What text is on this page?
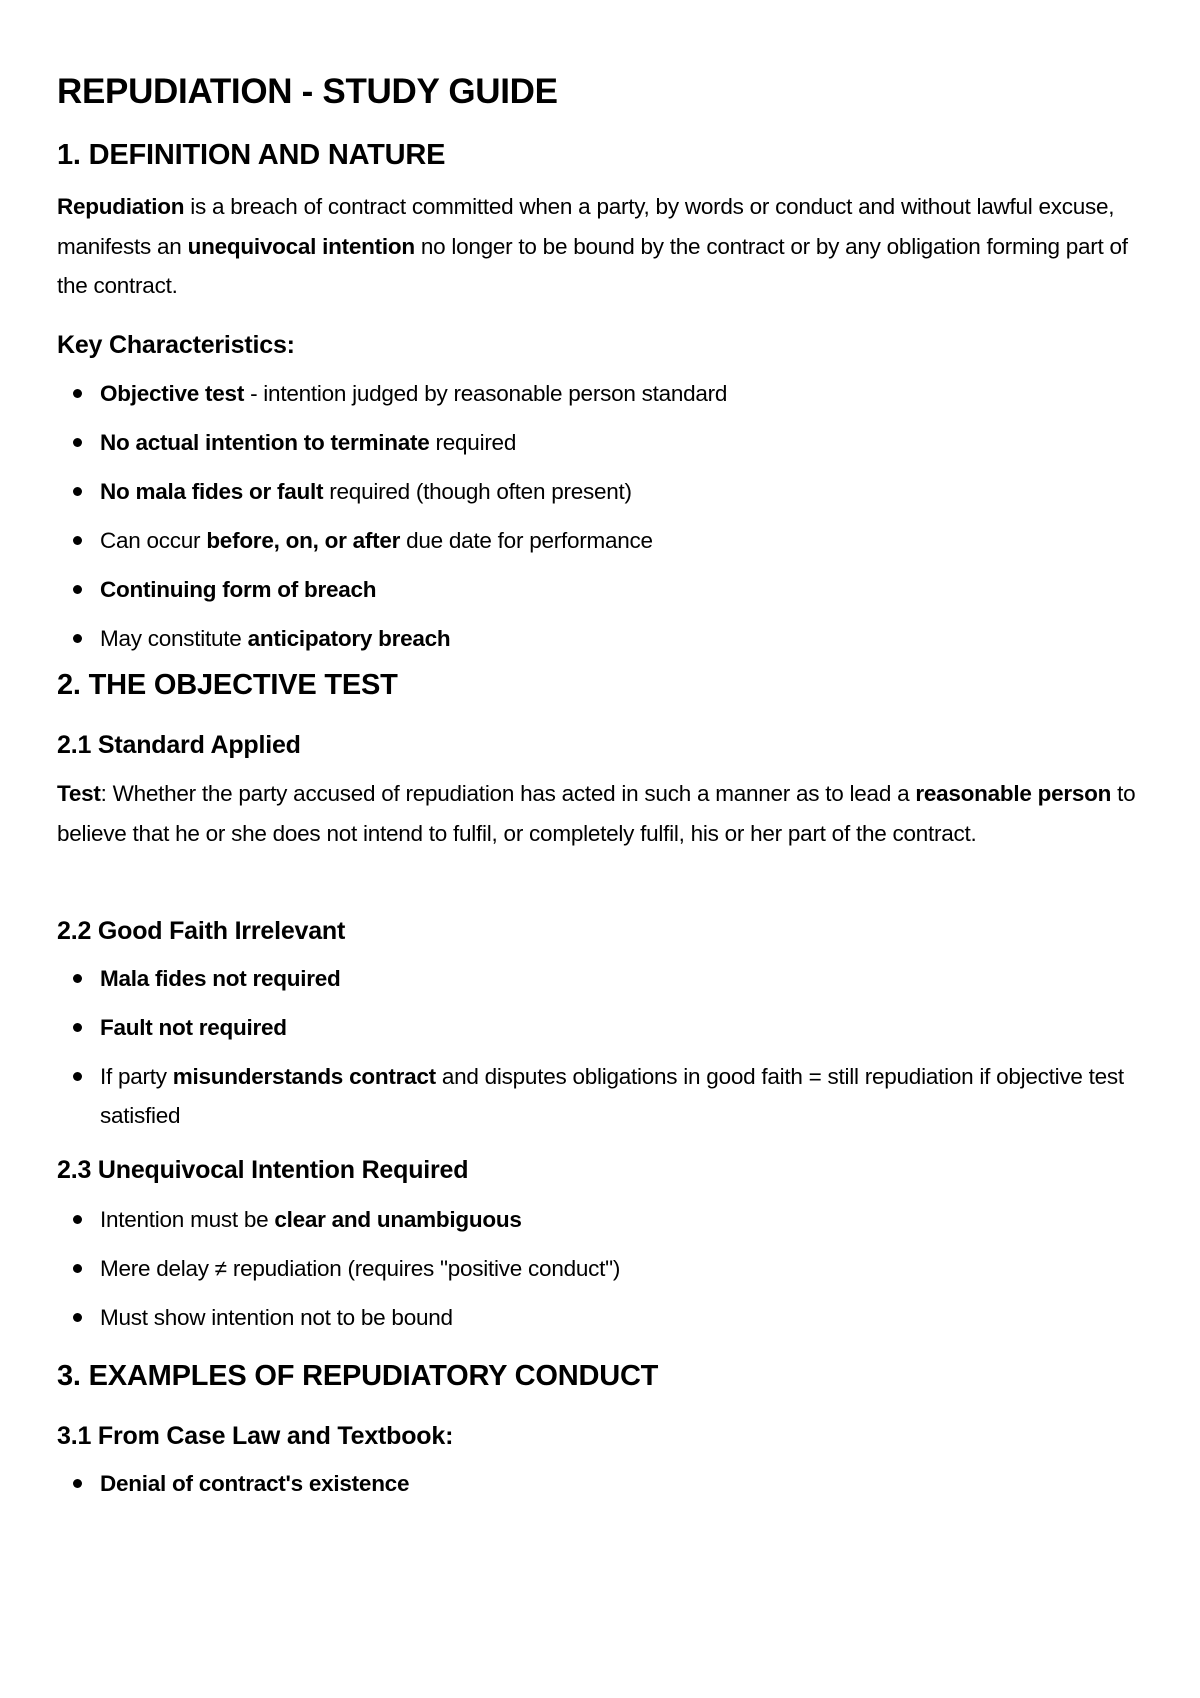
REPUDIATION - STUDY GUIDE
1. DEFINITION AND NATURE

Repudiation is a breach of contract committed when a party, by words or conduct and without lawful excuse, manifests an unequivocal intention no longer to be bound by the contract or by any obligation forming part of the contract.

Key Characteristics:
Objective test - intention judged by reasonable person standard
No actual intention to terminate required
No mala fides or fault required (though often present)
Can occur before, on, or after due date for performance
Continuing form of breach
May constitute anticipatory breach
2. THE OBJECTIVE TEST
2.1 Standard Applied

Test: Whether the party accused of repudiation has acted in such a manner as to lead a reasonable person to believe that he or she does not intend to fulfil, or completely fulfil, his or her part of the contract.

2.2 Good Faith Irrelevant
Mala fides not required
Fault not required
If party misunderstands contract and disputes obligations in good faith = still repudiation if objective test satisfied
2.3 Unequivocal Intention Required
Intention must be clear and unambiguous
Mere delay ≠ repudiation (requires "positive conduct")
Must show intention not to be bound
3. EXAMPLES OF REPUDIATORY CONDUCT
3.1 From Case Law and Textbook:
Denial of contract's existence
